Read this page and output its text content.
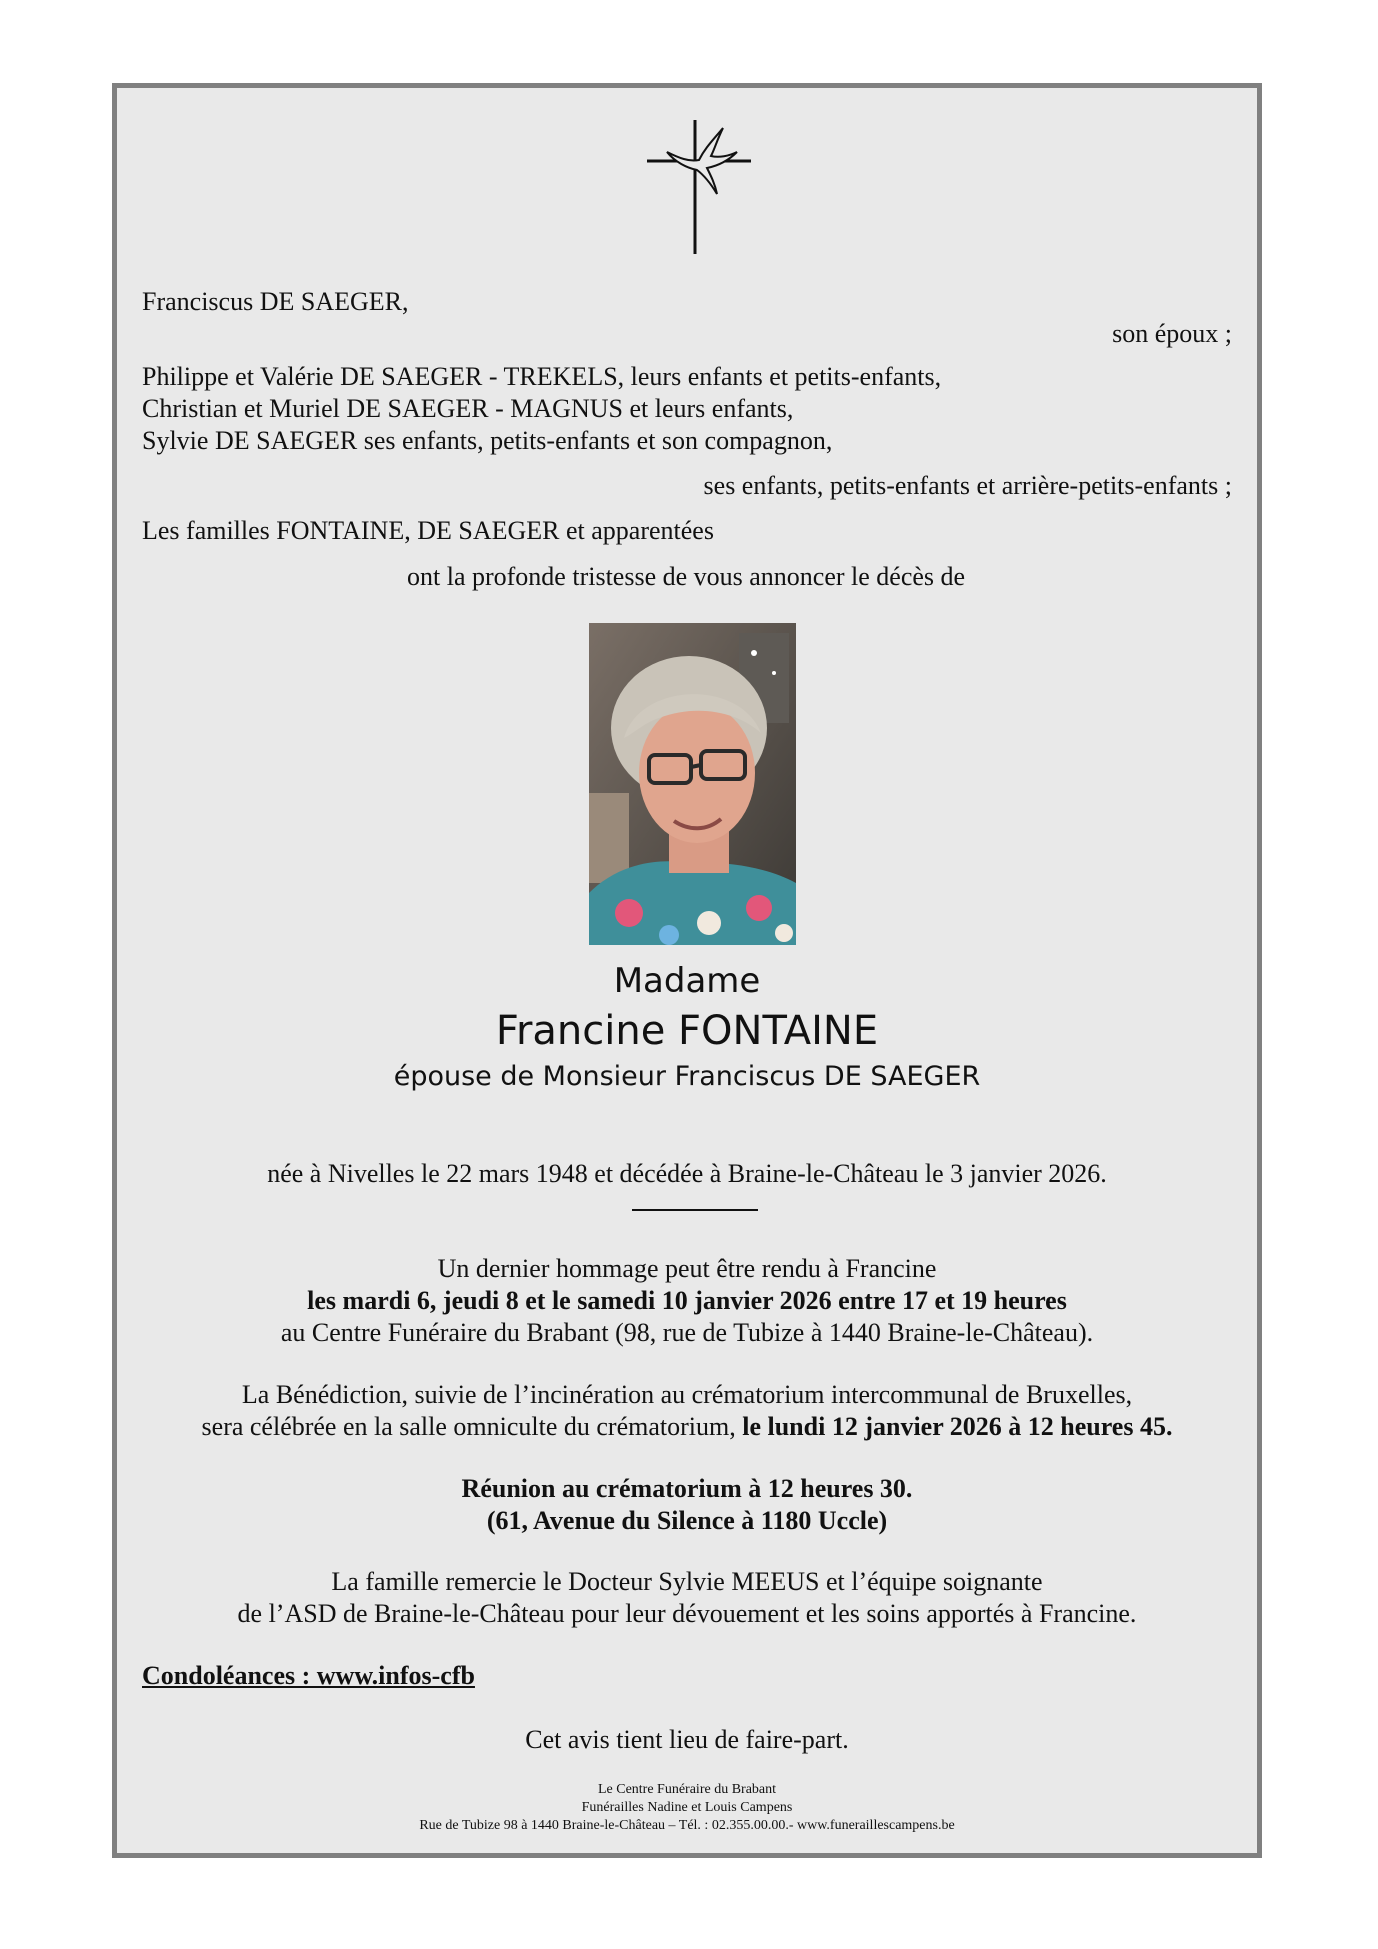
Franciscus DE SAEGER,
son époux ;
Philippe et Valérie DE SAEGER - TREKELS, leurs enfants et petits-enfants,
Christian et Muriel DE SAEGER - MAGNUS et leurs enfants,
Sylvie DE SAEGER ses enfants, petits-enfants et son compagnon,
ses enfants, petits-enfants et arrière-petits-enfants ;
Les familles FONTAINE, DE SAEGER et apparentées
ont la profonde tristesse de vous annoncer le décès de
Madame
Francine FONTAINE
épouse de Monsieur Franciscus DE SAEGER
née à Nivelles le 22 mars 1948 et décédée à Braine-le-Château le 3 janvier 2026.
Un dernier hommage peut être rendu à Francine
les mardi 6, jeudi 8 et le samedi 10 janvier 2026 entre 17 et 19 heures
au Centre Funéraire du Brabant (98, rue de Tubize à 1440 Braine-le-Château).
La Bénédiction, suivie de l’incinération au crématorium intercommunal de Bruxelles,
sera célébrée en la salle omniculte du crématorium, le lundi 12 janvier 2026 à 12 heures 45.
Réunion au crématorium à 12 heures 30.
(61, Avenue du Silence à 1180 Uccle)
La famille remercie le Docteur Sylvie MEEUS et l’équipe soignante
de l’ASD de Braine-le-Château pour leur dévouement et les soins apportés à Francine.
Condoléances : www.infos-cfb
Cet avis tient lieu de faire-part.
Le Centre Funéraire du Brabant
Funérailles Nadine et Louis Campens
Rue de Tubize 98 à 1440 Braine-le-Château – Tél. : 02.355.00.00.- www.funeraillescampens.be
